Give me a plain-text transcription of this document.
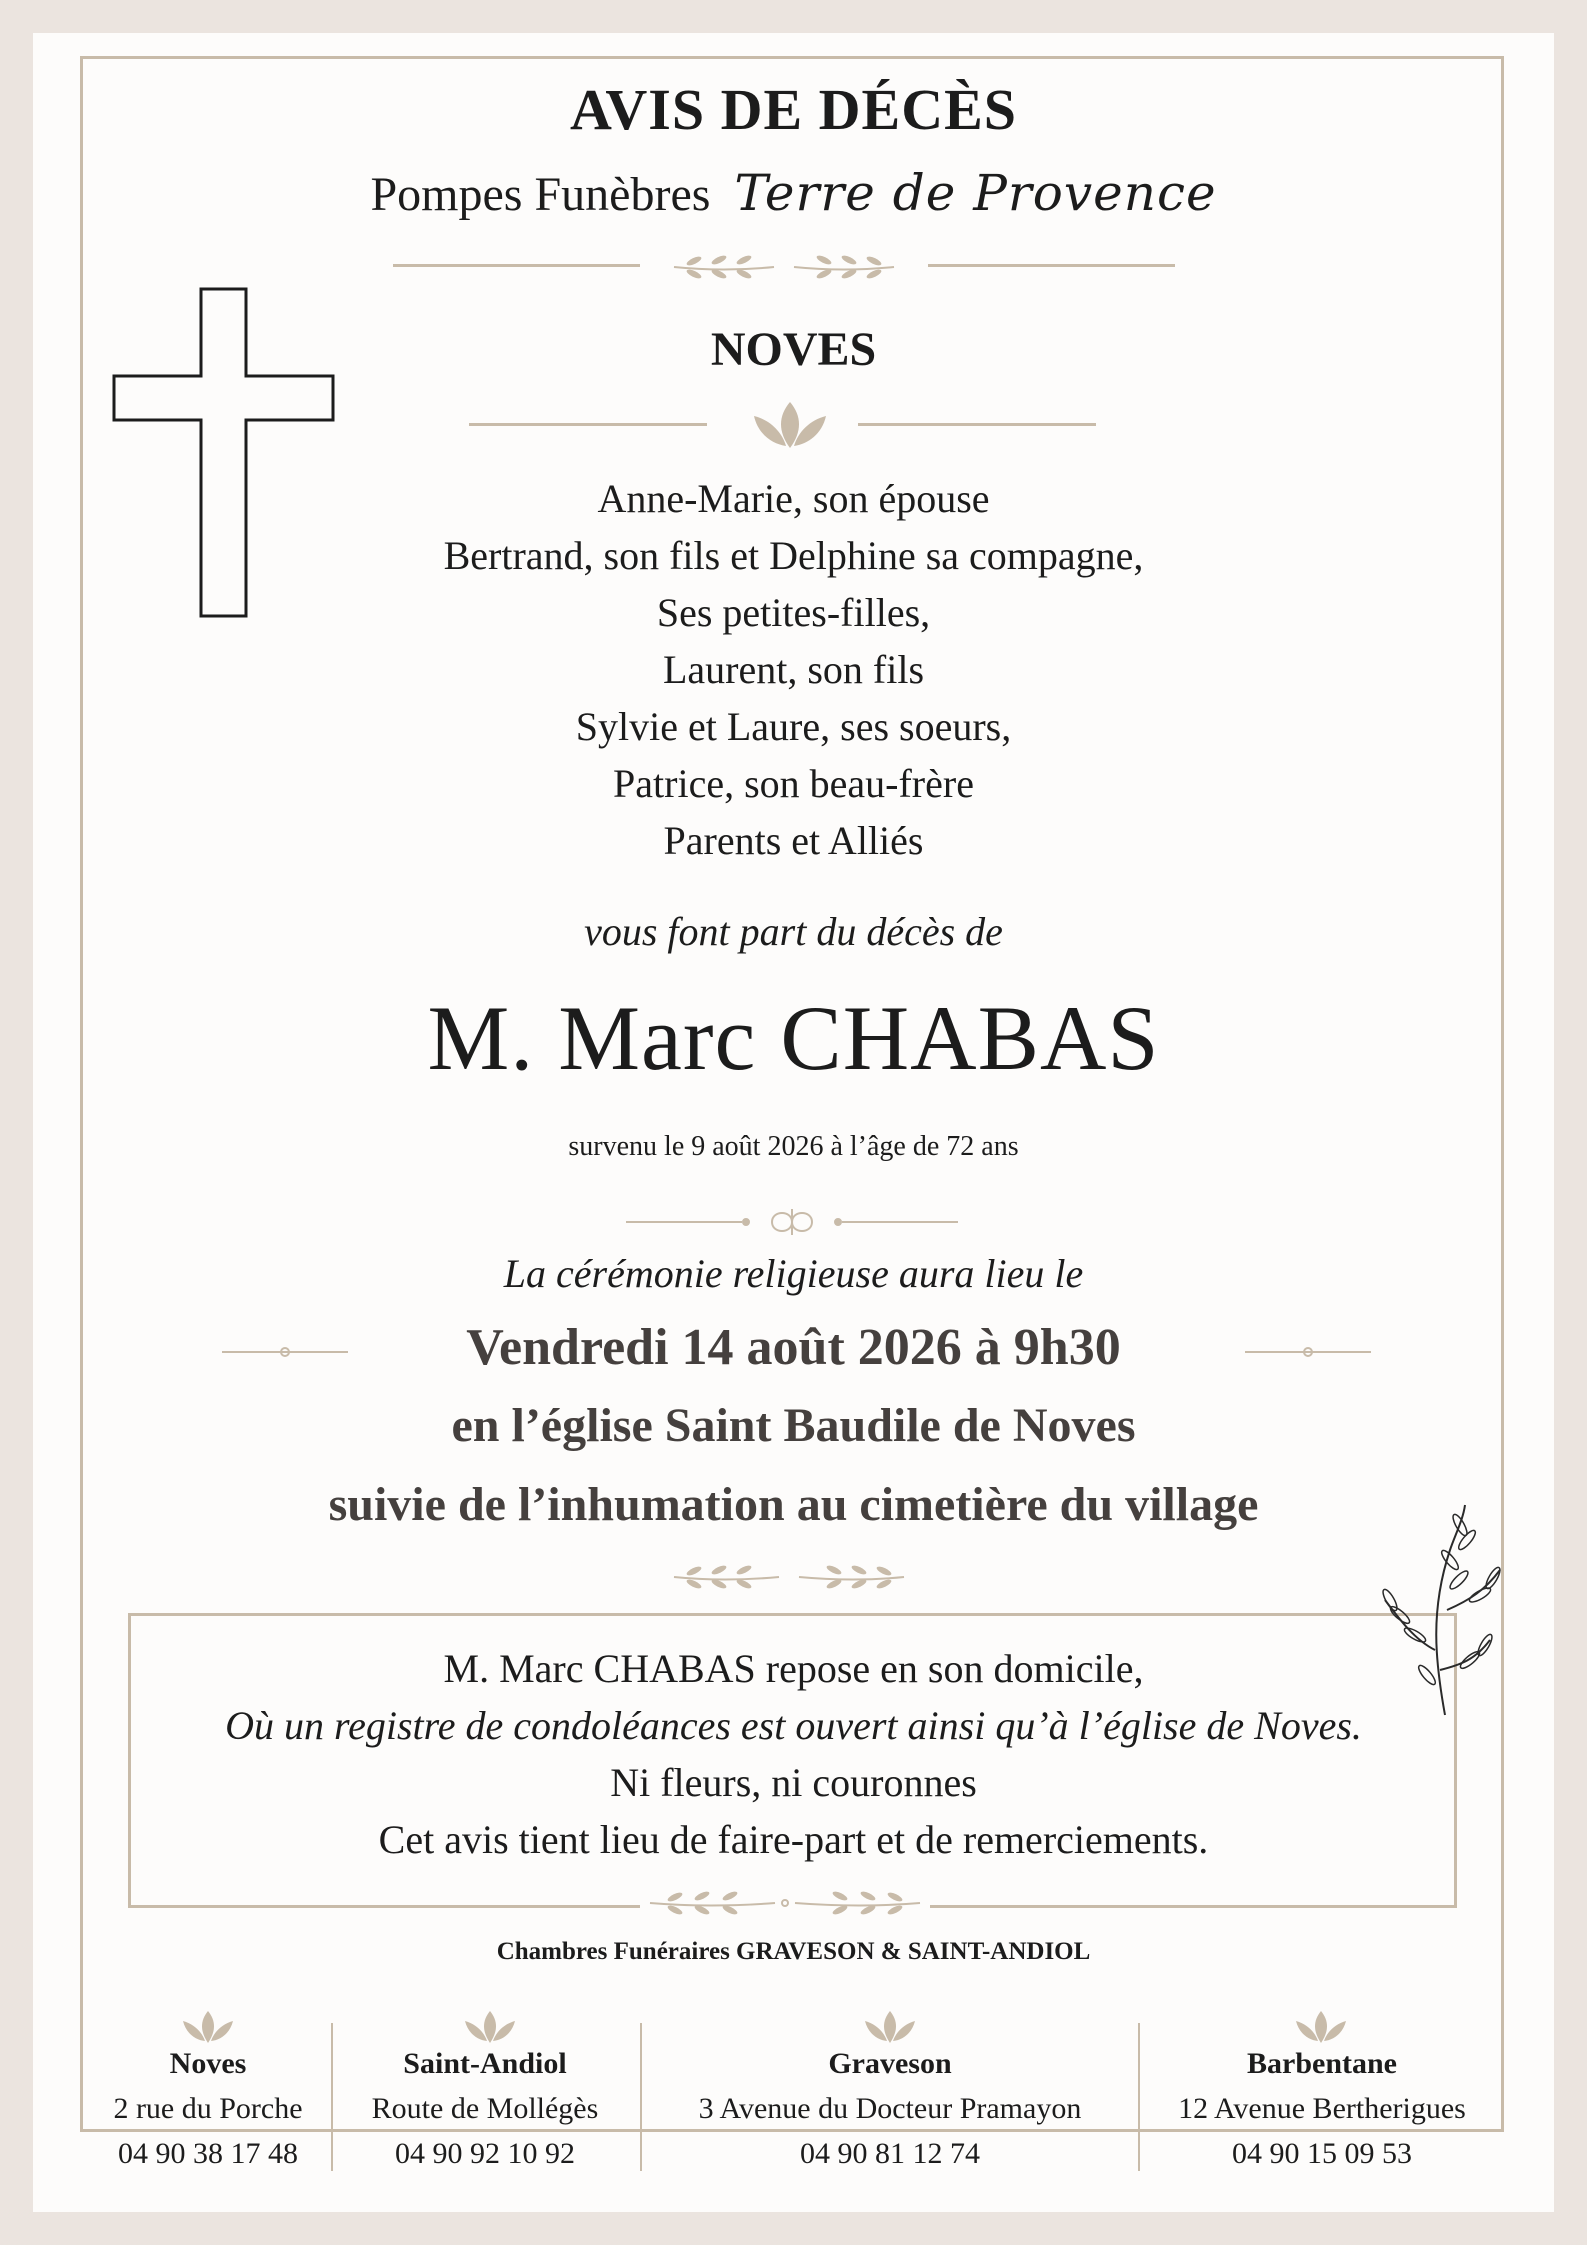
AVIS DE DÉCÈS
Pompes Funèbres Terre de Provence
NOVES
Anne-Marie, son épouse
Bertrand, son fils et Delphine sa compagne,
Ses petites-filles,
Laurent, son fils
Sylvie et Laure, ses soeurs,
Patrice, son beau-frère
Parents et Alliés
vous font part du décès de
M. Marc CHABAS
survenu le 9 août 2026 à l’âge de 72 ans
La cérémonie religieuse aura lieu le
Vendredi 14 août 2026 à 9h30
en l’église Saint Baudile de Noves
suivie de l’inhumation au cimetière du village
M. Marc CHABAS repose en son domicile,
Où un registre de condoléances est ouvert ainsi qu’à l’église de Noves.
Ni fleurs, ni couronnes
Cet avis tient lieu de faire-part et de remerciements.
Chambres Funéraires GRAVESON & SAINT-ANDIOL
Noves
2 rue du Porche
04 90 38 17 48
Saint-Andiol
Route de Mollégès
04 90 92 10 92
Graveson
3 Avenue du Docteur Pramayon
04 90 81 12 74
Barbentane
12 Avenue Bertherigues
04 90 15 09 53
